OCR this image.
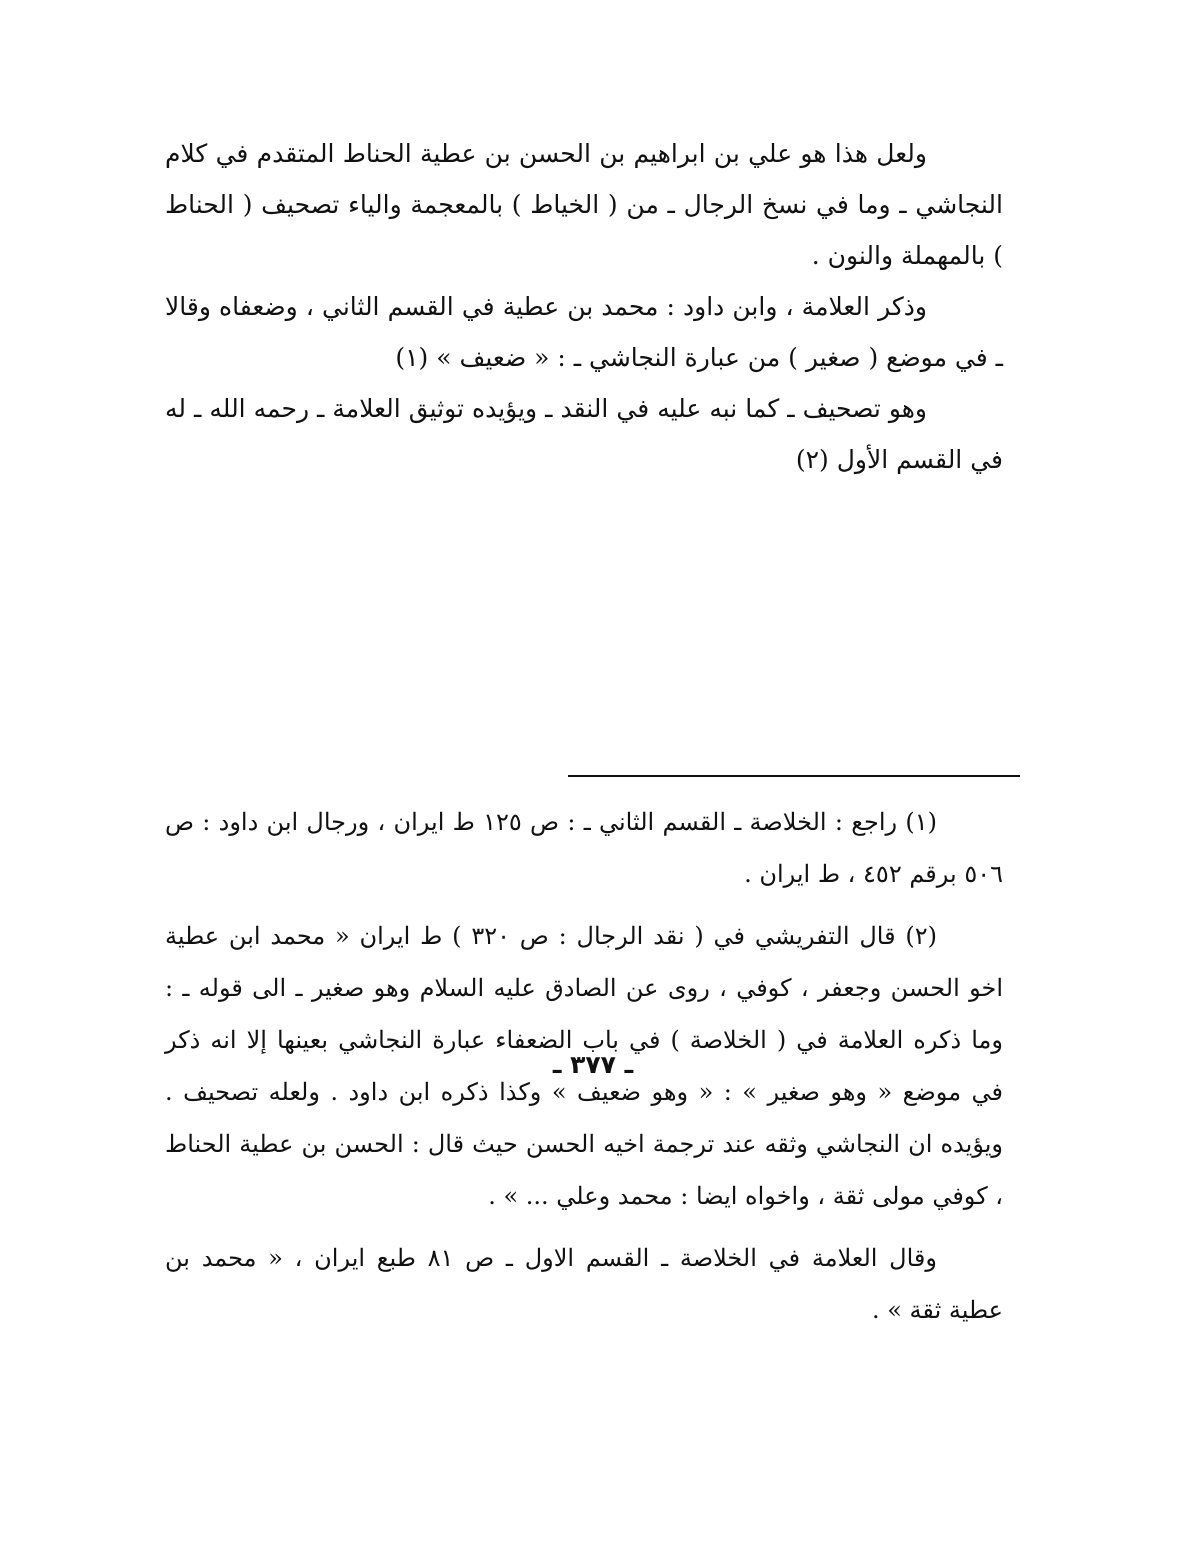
ولعل هذا هو علي بن ابراهيم بن الحسن بن عطية الحناط المتقدم في كلام النجاشي ـ وما في نسخ الرجال ـ من ( الخياط ) بالمعجمة والياء تصحيف ( الحناط ) بالمهملة والنون .

وذكر العلامة ، وابن داود : محمد بن عطية في القسم الثاني ، وضعفاه وقالا ـ في موضع ( صغير ) من عبارة النجاشي ـ : « ضعيف » (١)

وهو تصحيف ـ كما نبه عليه في النقد ـ ويؤيده توثيق العلامة ـ رحمه الله ـ له في القسم الأول (٢)

(١) راجع : الخلاصة ـ القسم الثاني ـ : ص ١٢٥ ط ايران ، ورجال ابن داود : ص ٥٠٦ برقم ٤٥٢ ، ط ايران .

(٢) قال التفريشي في ( نقد الرجال : ص ٣٢٠ ) ط ايران « محمد ابن عطية اخو الحسن وجعفر ، كوفي ، روى عن الصادق عليه السلام وهو صغير ـ الى قوله ـ : وما ذكره العلامة في ( الخلاصة ) في باب الضعفاء عبارة النجاشي بعينها إلا انه ذكر في موضع « وهو صغير » : « وهو ضعيف » وكذا ذكره ابن داود . ولعله تصحيف . ويؤيده ان النجاشي وثقه عند ترجمة اخيه الحسن حيث قال : الحسن بن عطية الحناط ، كوفي مولى ثقة ، واخواه ايضا : محمد وعلي ... » .

وقال العلامة في الخلاصة ـ القسم الاول ـ ص ٨١ طبع ايران ، « محمد بن عطية ثقة » .

ـ ٣٧٧ ـ
